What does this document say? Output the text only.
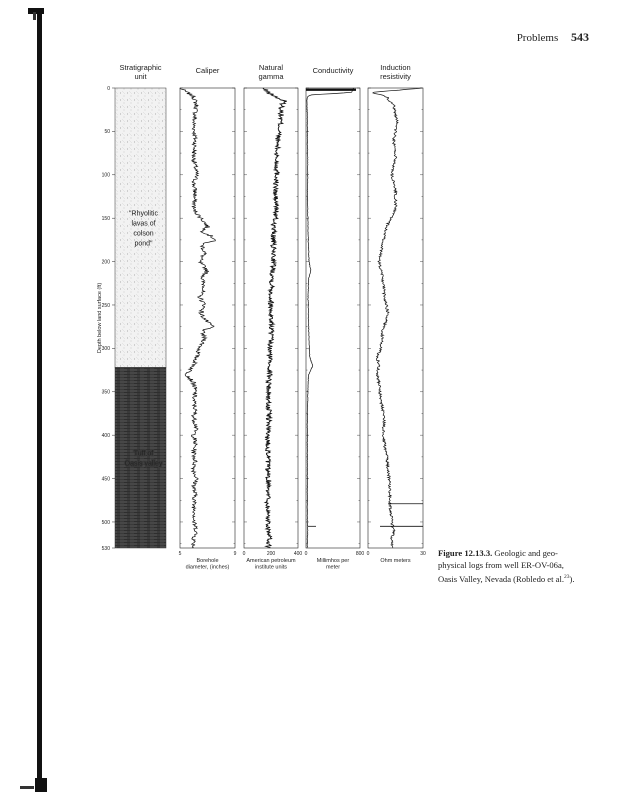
Problems 543
0
50
100
150
200
250
300
350
400
450
500
530
Depth below land surface (ft)
"Rhyolitic
lavas of
colson
pond"
Tuff of
Oasis valley
Stratigraphic
unit
Caliper
5	9
Borehole
diameter, (inches)
Natural
gamma
0	200	400
American petroleum
institute units
Conductivity
0	800
Millimhos per
meter
Induction
resistivity
0	30
Ohm meters
Figure 12.13.3. Geologic and geo-
physical logs from well ER-OV-06a,
Oasis Valley, Nevada (Robledo et al.$^{23}$).
